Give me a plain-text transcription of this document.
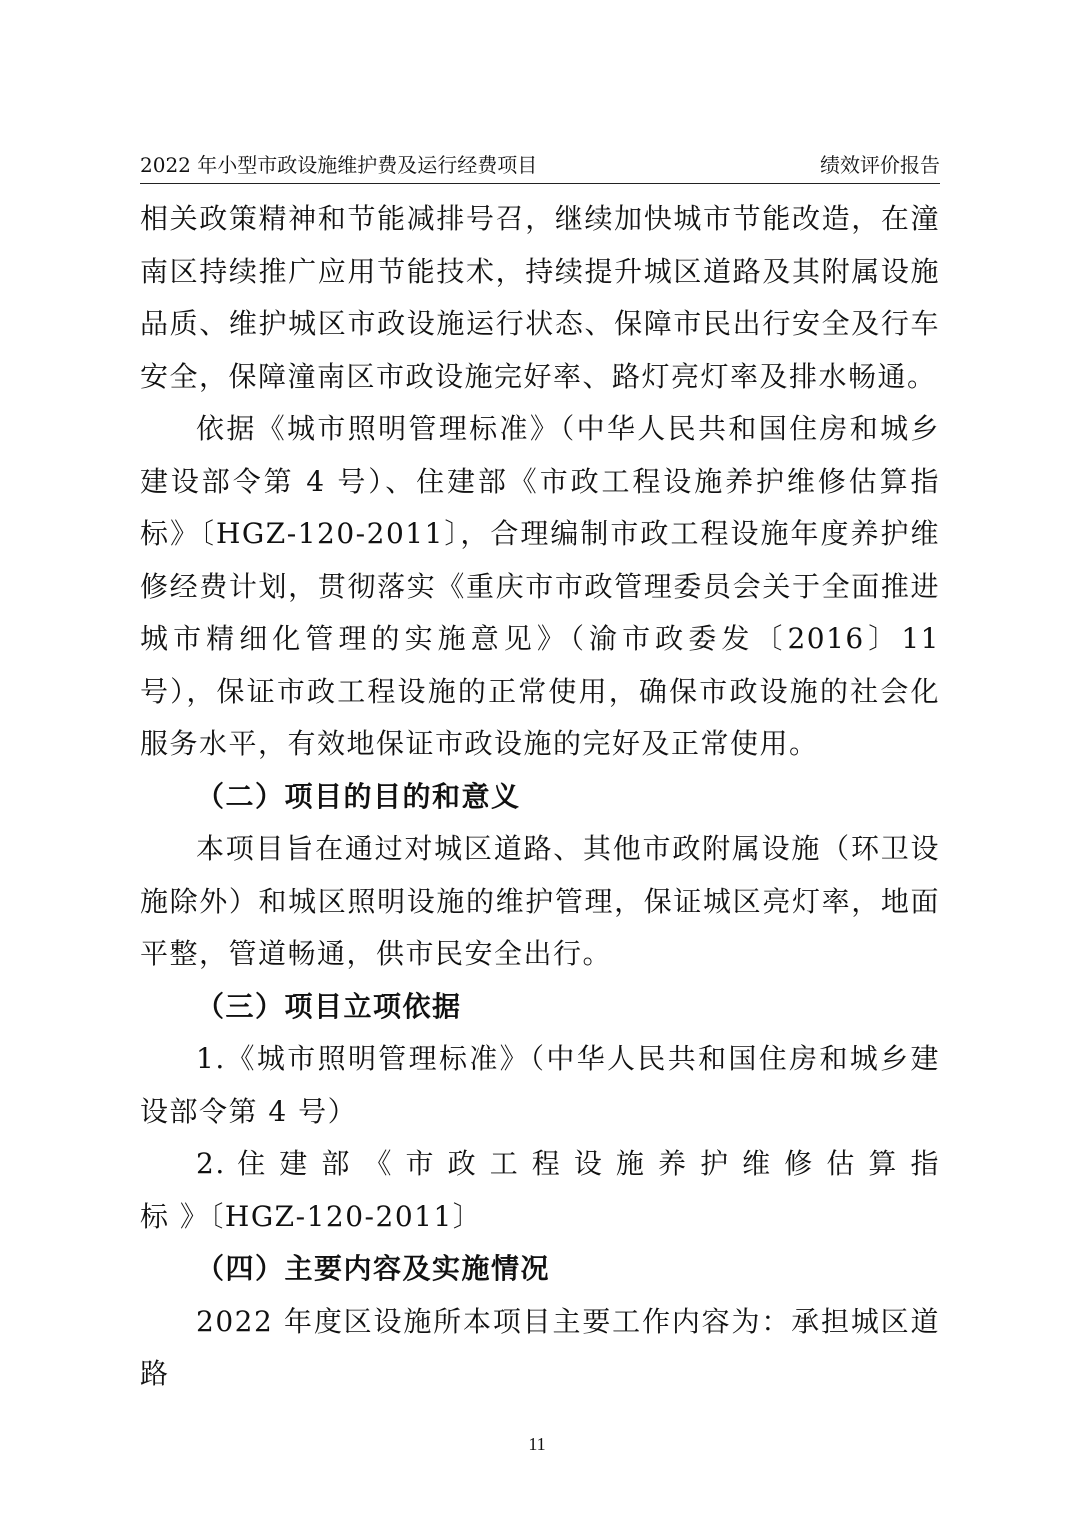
2022 年小型市政设施维护费及运行经费项目	绩效评价报告

相关政策精神和节能减排号召，继续加快城市节能改造，在潼南区持续推广应用节能技术，持续提升城区道路及其附属设施品质、维护城区市政设施运行状态、保障市民出行安全及行车安全，保障潼南区市政设施完好率、路灯亮灯率及排水畅通。

依据《城市照明管理标准》（中华人民共和国住房和城乡建设部令第 4 号）、住建部《市政工程设施养护维修估算指标》〔HGZ-120-2011〕，合理编制市政工程设施年度养护维修经费计划，贯彻落实《重庆市市政管理委员会关于全面推进城市精细化管理的实施意见》（渝市政委发〔2016〕11 号），保证市政工程设施的正常使用，确保市政设施的社会化服务水平，有效地保证市政设施的完好及正常使用。

（二）项目的目的和意义

本项目旨在通过对城区道路、其他市政附属设施（环卫设施除外）和城区照明设施的维护管理，保证城区亮灯率，地面平整，管道畅通，供市民安全出行。

（三）项目立项依据

1.《城市照明管理标准》（中华人民共和国住房和城乡建设部令第 4 号）

2. 住 建 部 《 市 政 工 程 设 施 养 护 维 修 估 算 指 标 》〔HGZ-120-2011〕

（四）主要内容及实施情况

2022 年度区设施所本项目主要工作内容为：承担城区道路

11
